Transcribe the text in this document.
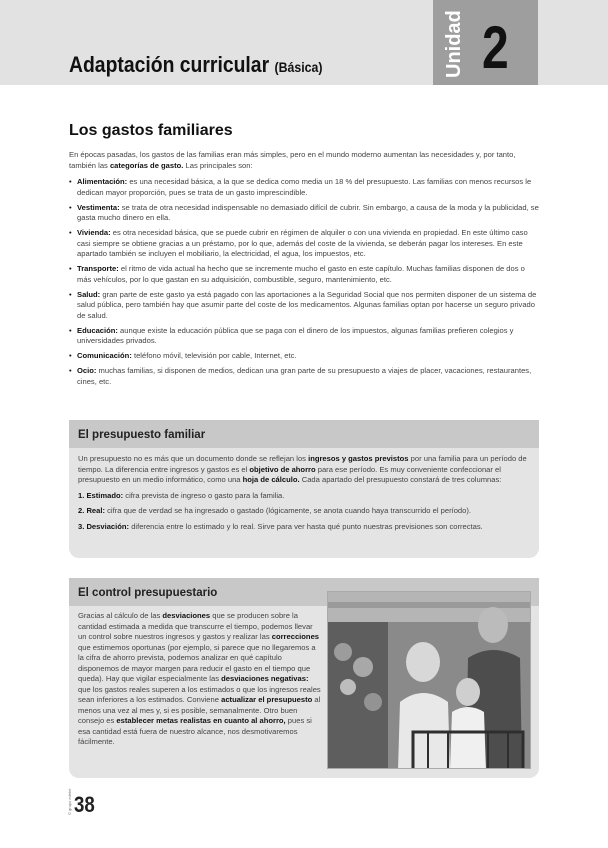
Adaptación curricular (Básica)	Unidad 2
Los gastos familiares

En épocas pasadas, los gastos de las familias eran más simples, pero en el mundo moderno aumentan las necesidades y, por tanto, también las categorías de gasto. Las principales son:

• Alimentación: es una necesidad básica, a la que se dedica como media un 18 % del presupuesto. Las familias con menos recursos le dedican mayor proporción, pues se trata de un gasto imprescindible.
• Vestimenta: se trata de otra necesidad indispensable no demasiado difícil de cubrir. Sin embargo, a causa de la moda y la publicidad, se gasta mucho dinero en ella.
• Vivienda: es otra necesidad básica, que se puede cubrir en régimen de alquiler o con una vivienda en propiedad. En este último caso casi siempre se obtiene gracias a un préstamo, por lo que, además del coste de la vivienda, se deberán pagar los intereses. En este apartado también se incluyen el mobiliario, la electricidad, el agua, los impuestos, etc.
• Transporte: el ritmo de vida actual ha hecho que se incremente mucho el gasto en este capítulo. Muchas familias disponen de dos o más vehículos, por lo que gastan en su adquisición, combustible, seguro, mantenimiento, etc.
• Salud: gran parte de este gasto ya está pagado con las aportaciones a la Seguridad Social que nos permiten disponer de un sistema de salud pública, pero también hay que asumir parte del coste de los medicamentos. Algunas familias optan por hacerse un seguro privado de salud.
• Educación: aunque existe la educación pública que se paga con el dinero de los impuestos, algunas familias prefieren colegios y universidades privados.
• Comunicación: teléfono móvil, televisión por cable, Internet, etc.
• Ocio: muchas familias, si disponen de medios, dedican una gran parte de su presupuesto a viajes de placer, vacaciones, restaurantes, cines, etc.
El presupuesto familiar

Un presupuesto no es más que un documento donde se reflejan los ingresos y gastos previstos por una familia para un período de tiempo. La diferencia entre ingresos y gastos es el objetivo de ahorro para ese período. Es muy conveniente confeccionar el presupuesto en un medio informático, como una hoja de cálculo. Cada apartado del presupuesto constará de tres columnas:

1. Estimado: cifra prevista de ingreso o gasto para la familia.

2. Real: cifra que de verdad se ha ingresado o gastado (lógicamente, se anota cuando haya transcurrido el período).

3. Desviación: diferencia entre lo estimado y lo real. Sirve para ver hasta qué punto nuestras previsiones son correctas.

El control presupuestario

Gracias al cálculo de las desviaciones que se producen sobre la cantidad estimada a medida que transcurre el tiempo, podemos llevar un control sobre nuestros ingresos y gastos y realizar las correcciones que estimemos oportunas (por ejemplo, si parece que no llegaremos a la cifra de ahorro prevista, podemos analizar en qué capítulo disponemos de mayor margen para reducir el gasto en el tiempo que queda). Hay que vigilar especialmente las desviaciones negativas: que los gastos reales superen a los estimados o que los ingresos reales sean inferiores a los estimados. Conviene actualizar el presupuesto al menos una vez al mes y, si es posible, semanalmente. Otro buen consejo es establecer metas realistas en cuanto al ahorro, pues si esa cantidad está fuera de nuestro alcance, nos desmotivaremos fácilmente.

38
© grupo edebé
